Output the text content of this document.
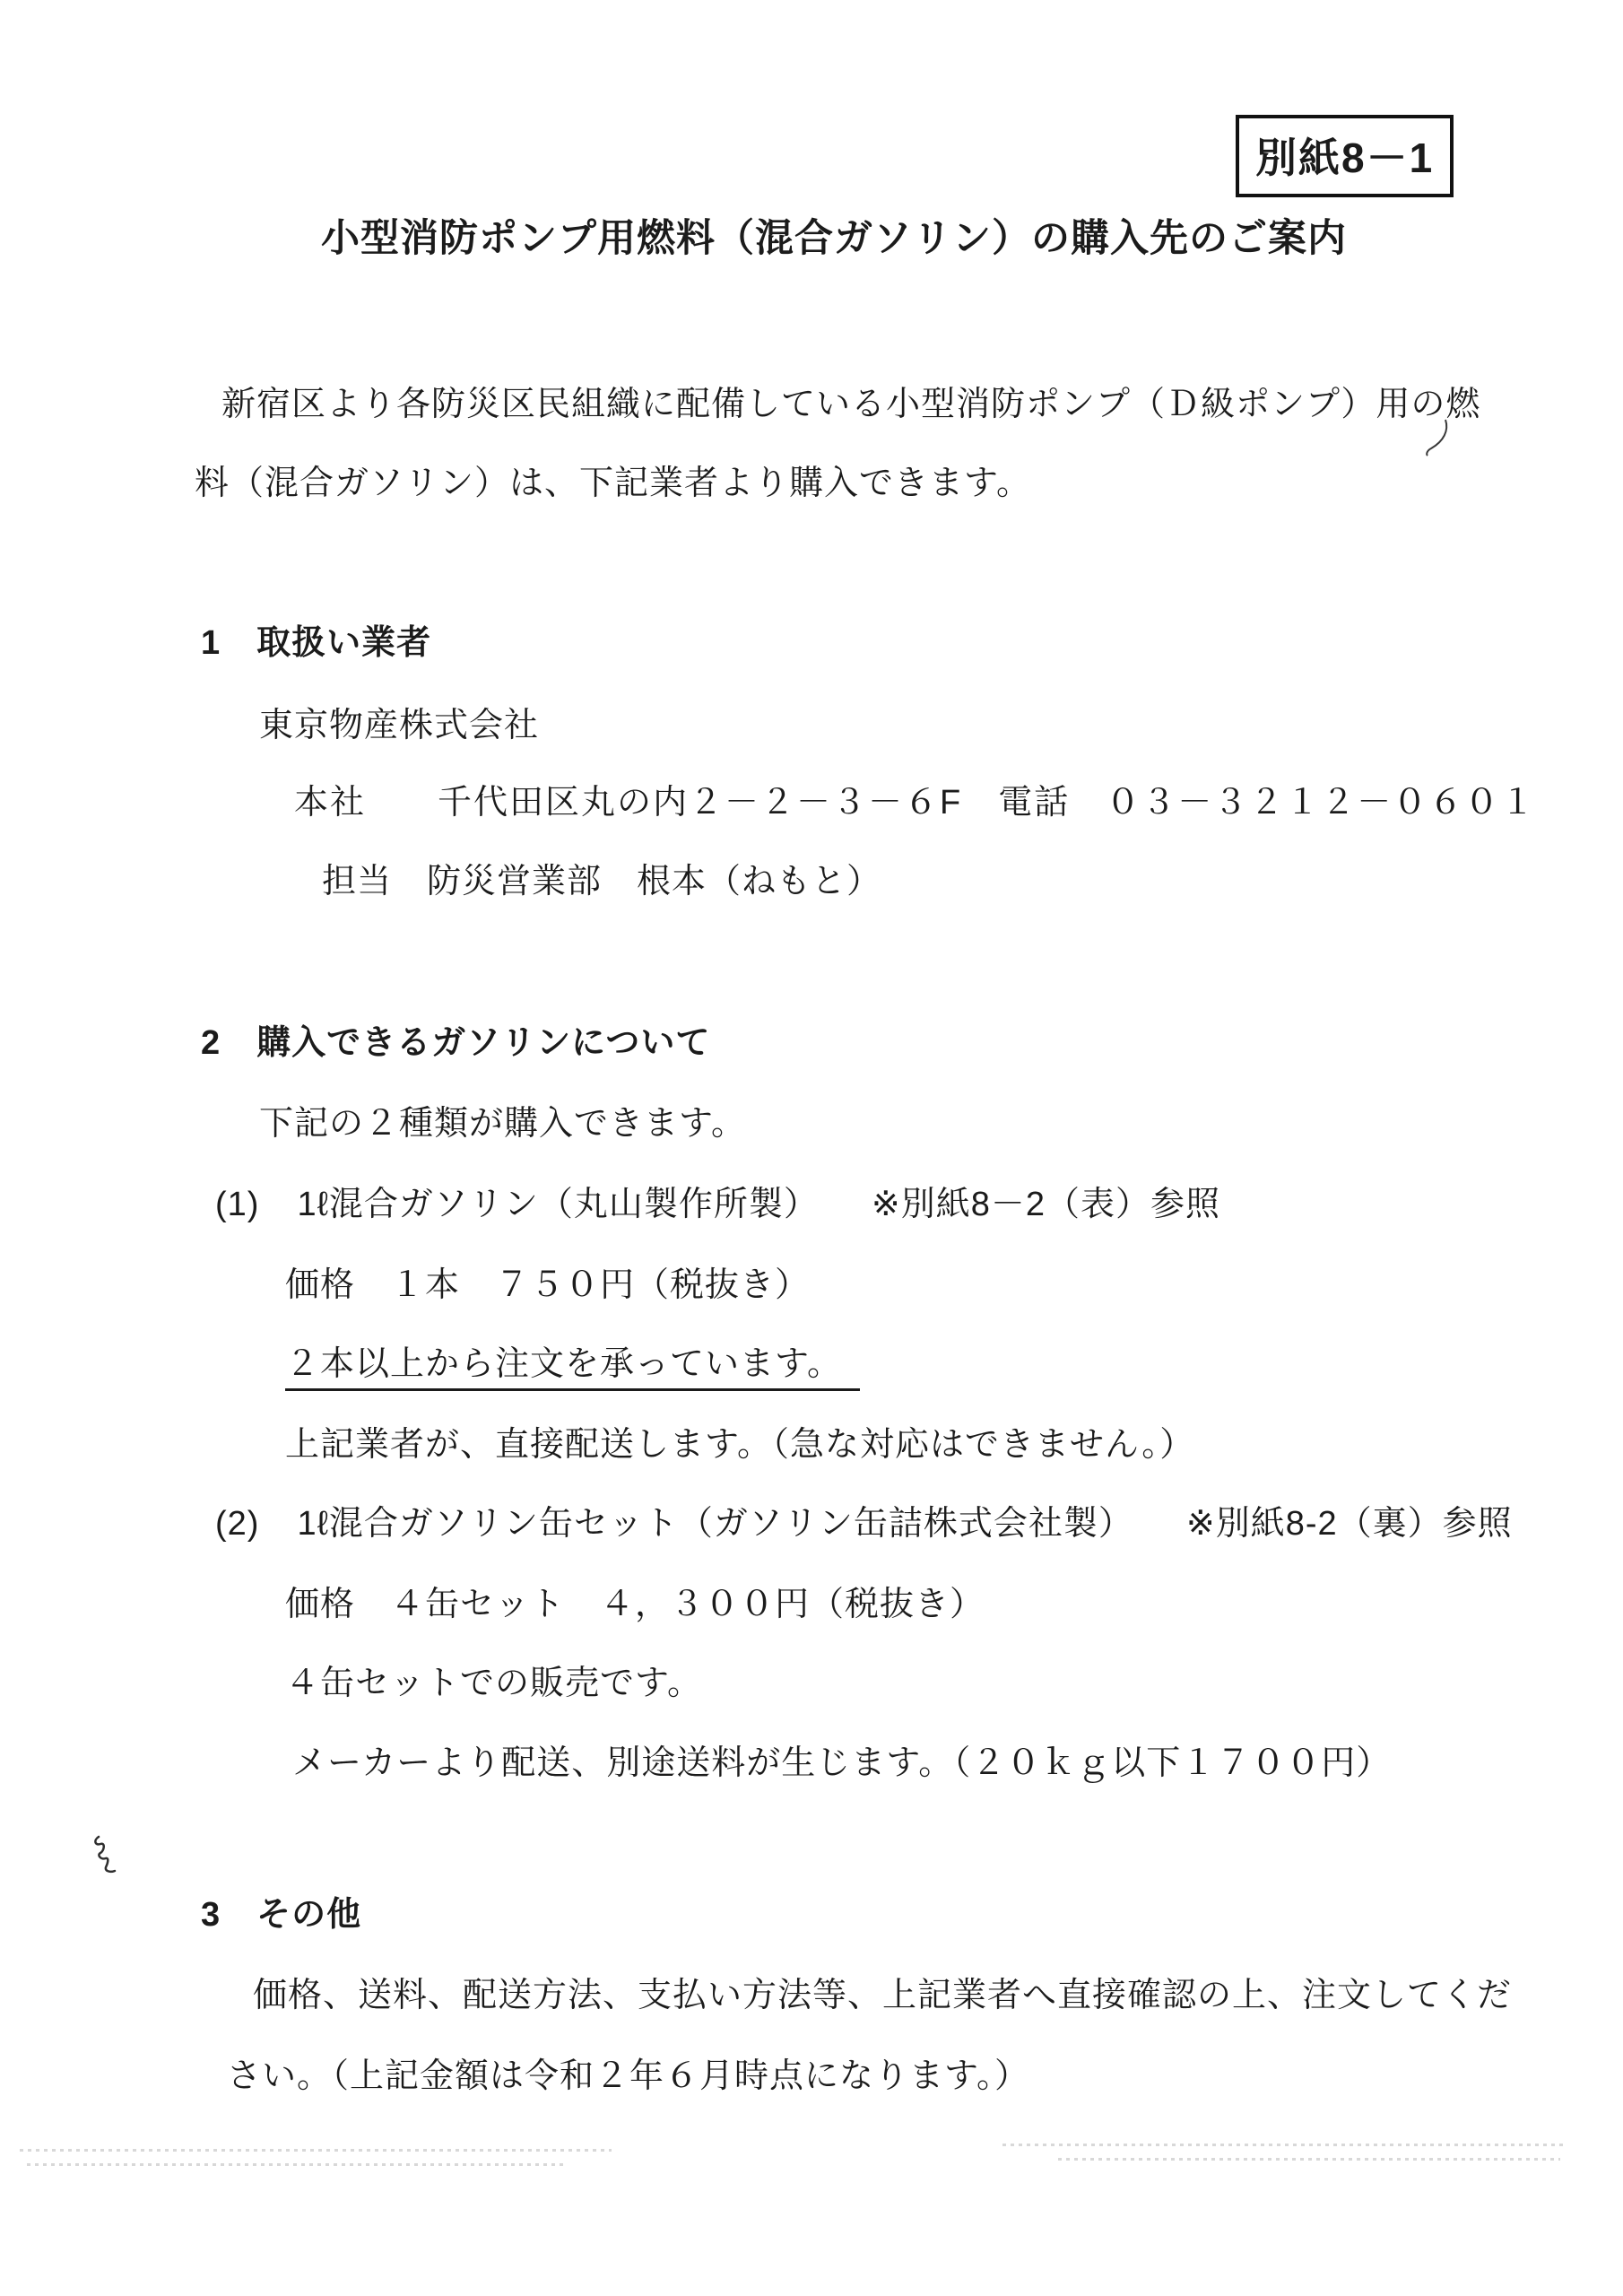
別紙8－1
小型消防ポンプ用燃料（混合ガソリン）の購入先のご案内
新宿区より各防災区民組織に配備している小型消防ポンプ（Ｄ級ポンプ）用の燃
料（混合ガソリン）は、下記業者より購入できます。
1 取扱い業者
東京物産株式会社
本社　　千代田区丸の内２－２－３－６F　電話　０３－３２１２－０６０１
担当　防災営業部　根本（ねもと）
2 購入できるガソリンについて
下記の２種類が購入できます。
(1) 1ℓ混合ガソリン（丸山製作所製）　　※別紙8－2（表）参照
価格　１本　７５０円（税抜き）
２本以上から注文を承っています。
上記業者が、直接配送します。（急な対応はできません。）
(2) 1ℓ混合ガソリン缶セット（ガソリン缶詰株式会社製）　　※別紙8-2（裏）参照
価格　４缶セット　４，３００円（税抜き）
４缶セットでの販売です。
メーカーより配送、別途送料が生じます。（２０ｋｇ以下１７００円）
3 その他
価格、送料、配送方法、支払い方法等、上記業者へ直接確認の上、注文してくだ
さい。（上記金額は令和２年６月時点になります。）
